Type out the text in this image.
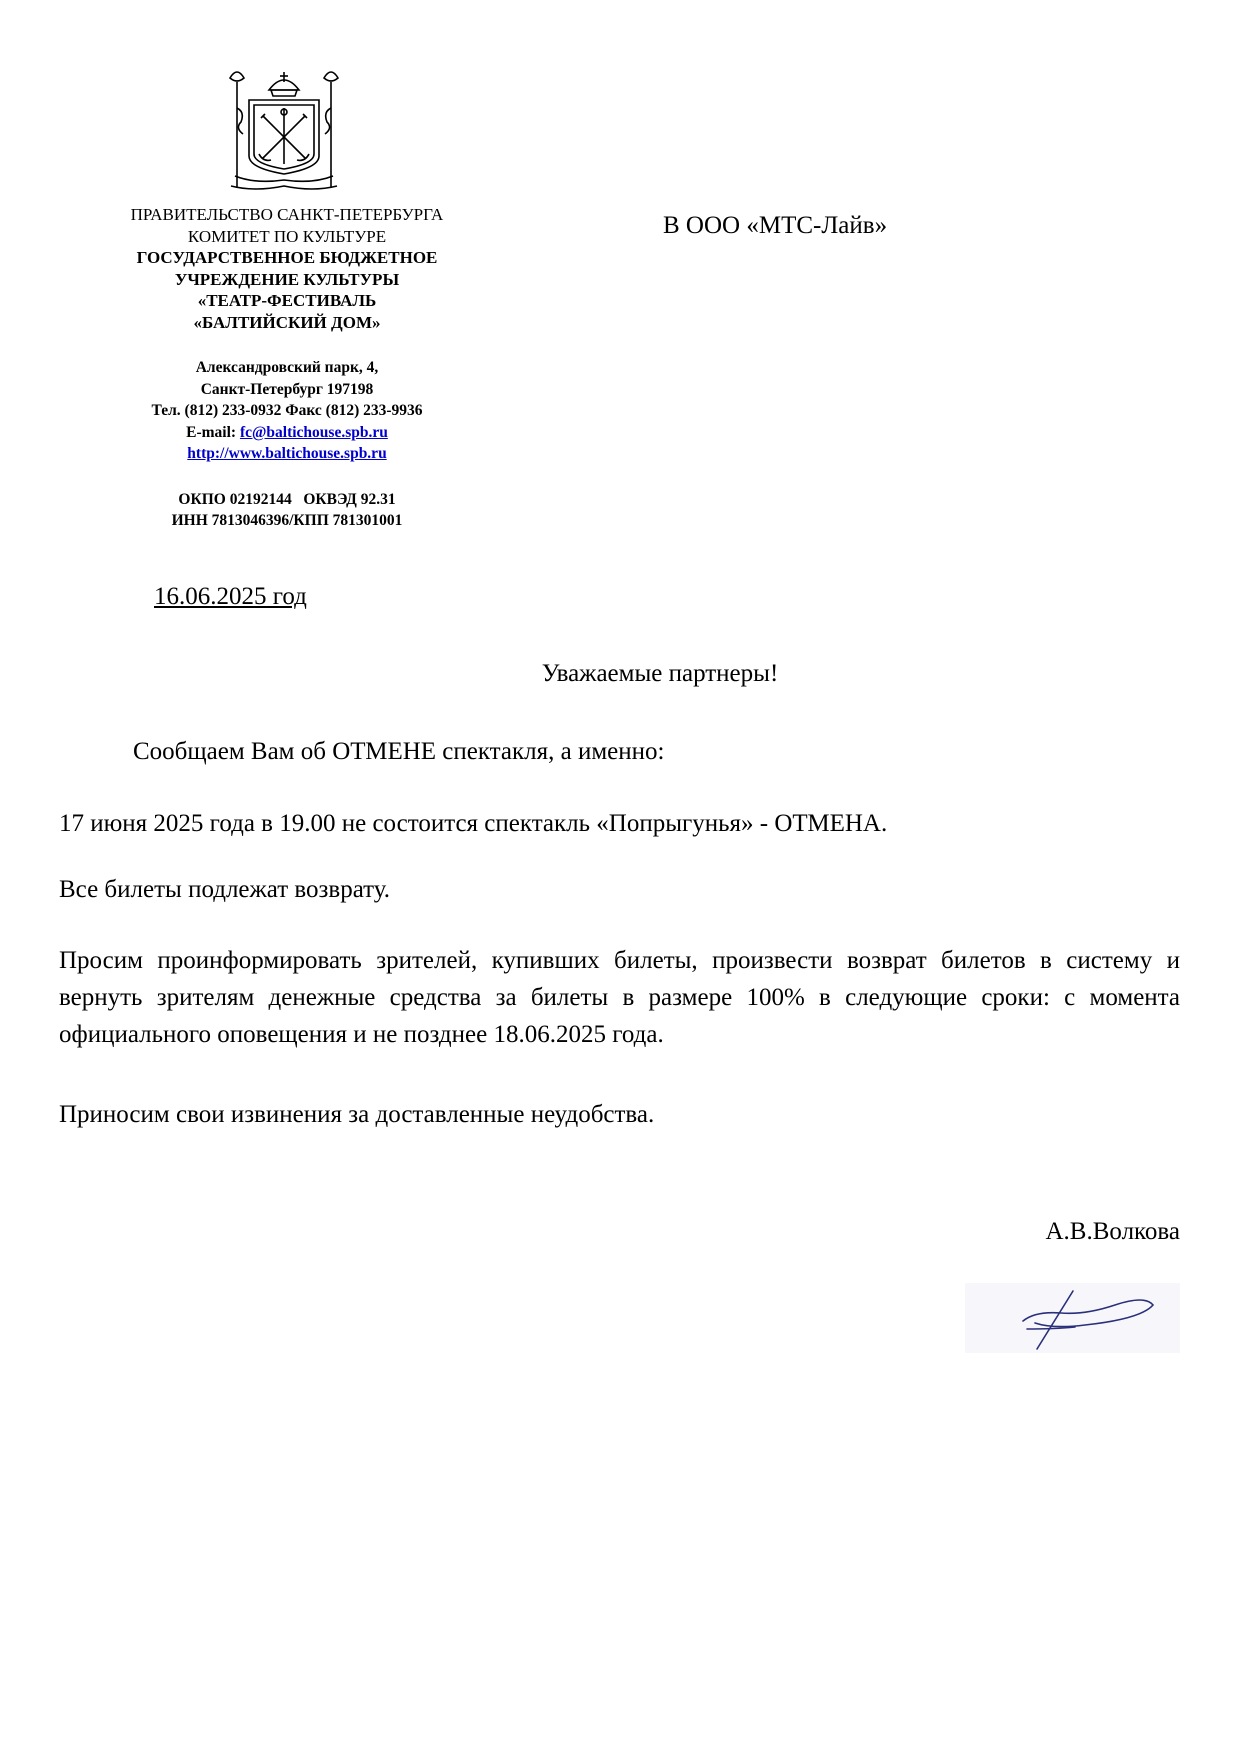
ПРАВИТЕЛЬСТВО САНКТ-ПЕТЕРБУРГА
КОМИТЕТ ПО КУЛЬТУРЕ
ГОСУДАРСТВЕННОЕ БЮДЖЕТНОЕ
УЧРЕЖДЕНИЕ КУЛЬТУРЫ
«ТЕАТР-ФЕСТИВАЛЬ
«БАЛТИЙСКИЙ ДОМ»
Александровский парк, 4,
Санкт-Петербург 197198
Тел. (812) 233-0932 Факс (812) 233-9936
E-mail: fc@baltichouse.spb.ru
http://www.baltichouse.spb.ru
ОКПО 02192144   ОКВЭД 92.31
ИНН 7813046396/КПП 781301001
В ООО «МТС-Лайв»
16.06.2025 год
Уважаемые партнеры!
Сообщаем Вам об ОТМЕНЕ спектакля, а именно:
17 июня 2025 года в 19.00 не состоится спектакль «Попрыгунья» - ОТМЕНА.
Все билеты подлежат возврату.
Просим проинформировать зрителей, купивших билеты, произвести возврат билетов в систему и вернуть зрителям денежные средства за билеты в размере 100% в следующие сроки: с момента официального оповещения и не позднее 18.06.2025 года.
Приносим свои извинения за доставленные неудобства.
А.В.Волкова
